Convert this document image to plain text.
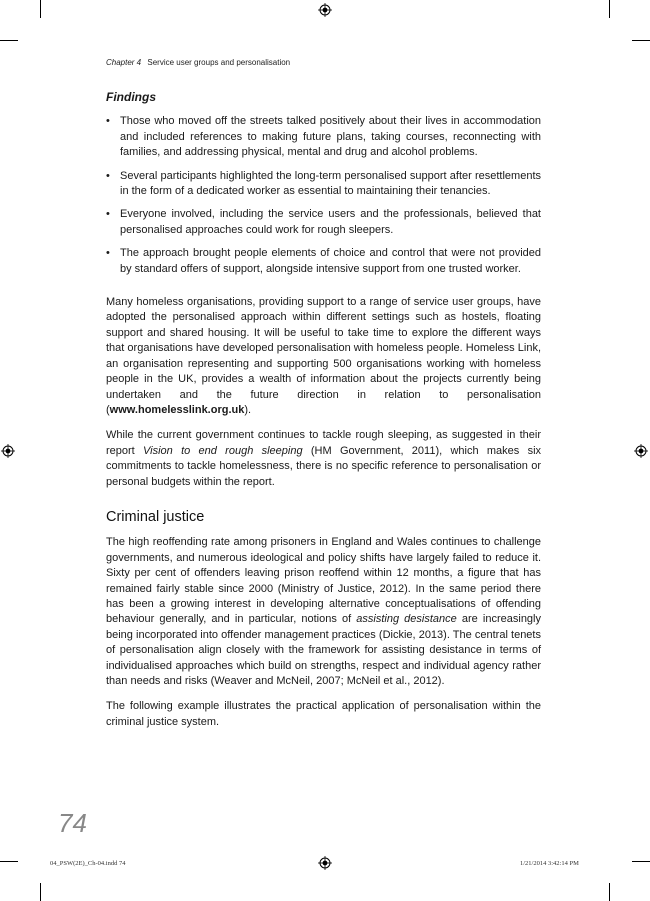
Chapter 4 Service user groups and personalisation
Findings
• Those who moved off the streets talked positively about their lives in accommodation and included references to making future plans, taking courses, reconnecting with families, and addressing physical, mental and drug and alcohol problems.
• Several participants highlighted the long-term personalised support after resettlements in the form of a dedicated worker as essential to maintaining their tenancies.
• Everyone involved, including the service users and the professionals, believed that personalised approaches could work for rough sleepers.
• The approach brought people elements of choice and control that were not provided by standard offers of support, alongside intensive support from one trusted worker.

Many homeless organisations, providing support to a range of service user groups, have adopted the personalised approach within different settings such as hostels, floating support and shared housing. It will be useful to take time to explore the different ways that organisations have developed personalisation with homeless people. Homeless Link, an organisation representing and supporting 500 organisations working with homeless people in the UK, provides a wealth of information about the projects currently being undertaken and the future direction in relation to personalisation (www.homelesslink.org.uk).

While the current government continues to tackle rough sleeping, as suggested in their report Vision to end rough sleeping (HM Government, 2011), which makes six commitments to tackle homelessness, there is no specific reference to personalisation or personal budgets within the report.

Criminal justice

The high reoffending rate among prisoners in England and Wales continues to challenge governments, and numerous ideological and policy shifts have largely failed to reduce it. Sixty per cent of offenders leaving prison reoffend within 12 months, a figure that has remained fairly stable since 2000 (Ministry of Justice, 2012). In the same period there has been a growing interest in developing alternative conceptualisations of offending behaviour generally, and in particular, notions of assisting desistance are increasingly being incorporated into offender management practices (Dickie, 2013). The central tenets of personalisation align closely with the framework for assisting desistance in terms of individualised approaches which build on strengths, respect and individual agency rather than needs and risks (Weaver and McNeil, 2007; McNeil et al., 2012).

The following example illustrates the practical application of personalisation within the criminal justice system.

74
04_PSW(2E)_Ch-04.indd 74	1/21/2014 3:42:14 PM
